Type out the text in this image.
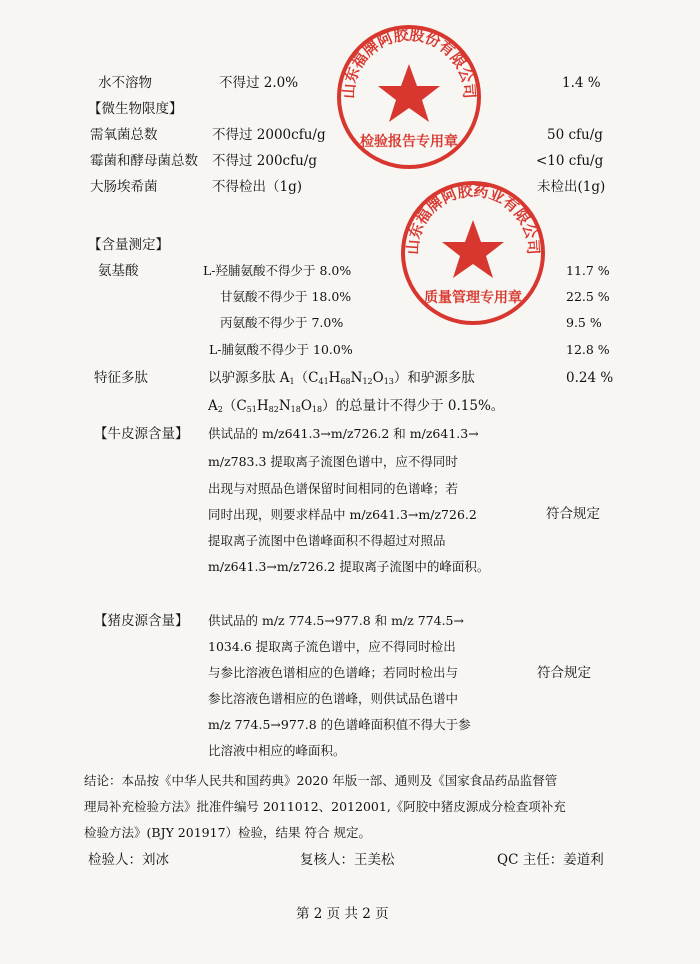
山东福牌阿胶股份有限公司
检验报告专用章
山东福牌阿胶药业有限公司
质量管理专用章
水不溶物	不得过 2.0%	1.4 %
【微生物限度】
需氧菌总数	不得过 2000cfu/g	50 cfu/g
霉菌和酵母菌总数 不得过 200cfu/g	<10 cfu/g
大肠埃希菌	不得检出（1g)	未检出(1g)
【含量测定】
氨基酸	L-羟脯氨酸不得少于 8.0%	11.7 %
甘氨酸不得少于 18.0%	22.5 %
丙氨酸不得少于 7.0%	9.5 %
L-脯氨酸不得少于 10.0%	12.8 %
特征多肽	以驴源多肽 $A_1(C_{41}H_{68}N_{12}O_{13})$和驴源多肽	0.24 %
$A_2(C_{51}H_{82}N_{18}O_{18})$的总量计不得少于 0.15%。
【牛皮源含量】 供试品的 m/z641.3→m/z726.2 和 m/z641.3→
m/z783.3 提取离子流图色谱中，应不得同时
出现与对照品色谱保留时间相同的色谱峰；若
同时出现，则要求样品中 m/z641.3→m/z726.2
提取离子流图中色谱峰面积不得超过对照品
m/z641.3→m/z726.2 提取离子流图中的峰面积。
符合规定
【猪皮源含量】 供试品的 m/z 774.5→977.8 和 m/z 774.5→
1034.6 提取离子流色谱中，应不得同时检出
与参比溶液色谱相应的色谱峰；若同时检出与
参比溶液色谱相应的色谱峰，则供试品色谱中
m/z 774.5→977.8 的色谱峰面积值不得大于参
比溶液中相应的峰面积。
符合规定
结论：本品按《中华人民共和国药典》2020 年版一部、通则及《国家食品药品监督管
理局补充检验方法》批准件编号 2011012、2012001,《阿胶中猪皮源成分检查项补充
检验方法》(BJY 201917）检验，结果 符合 规定。
检验人：刘冰	复核人：王美松	QC 主任：姜道利
第 2 页 共 2 页
